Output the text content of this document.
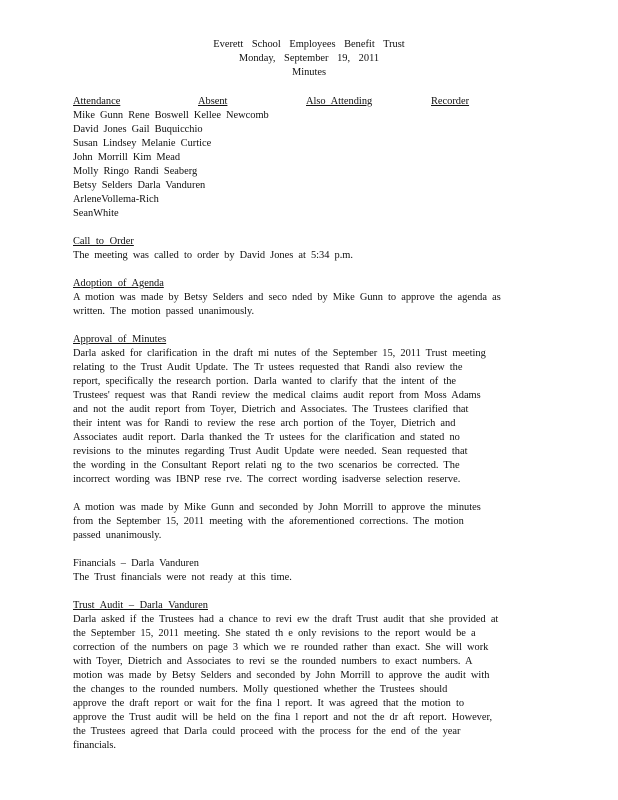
Everett School Employees Benefit Trust
Monday, September 19, 2011
Minutes
Attendance	Absent	Also Attending	Recorder
Mike Gunn Rene Boswell Kellee Newcomb
David Jones Gail Buquicchio
Susan Lindsey Melanie Curtice
John Morrill Kim Mead
Molly Ringo Randi Seaberg
Betsy Selders Darla Vanduren
ArleneVollema-Rich
SeanWhite
Call to Order
The meeting was called to order by David Jones at 5:34 p.m.
Adoption of Agenda
A motion was made by Betsy Selders and seco nded by Mike Gunn to approve the agenda as
written. The motion passed unanimously.
Approval of Minutes
Darla asked for clarification in the draft mi nutes of the September 15, 2011 Trust meeting
relating to the Trust Audit Update. The Tr ustees requested that Randi also review the
report, specifically the research portion. Darla wanted to clarify that the intent of the
Trustees' request was that Randi review the medical claims audit report from Moss Adams
and not the audit report from Toyer, Dietrich and Associates. The Trustees clarified that
their intent was for Randi to review the rese arch portion of the Toyer, Dietrich and
Associates audit report. Darla thanked the Tr ustees for the clarification and stated no
revisions to the minutes regarding Trust Audit Update were needed. Sean requested that
the wording in the Consultant Report relati ng to the two scenarios be corrected. The
incorrect wording was IBNP rese rve. The correct wording isadverse selection reserve.
A motion was made by Mike Gunn and seconded by John Morrill to approve the minutes
from the September 15, 2011 meeting with the aforementioned corrections. The motion
passed unanimously.
Financials – Darla Vanduren
The Trust financials were not ready at this time.
Trust Audit – Darla Vanduren
Darla asked if the Trustees had a chance to revi ew the draft Trust audit that she provided at
the September 15, 2011 meeting. She stated th e only revisions to the report would be a
correction of the numbers on page 3 which we re rounded rather than exact. She will work
with Toyer, Dietrich and Associates to revi se the rounded numbers to exact numbers. A
motion was made by Betsy Selders and seconded by John Morrill to approve the audit with
the changes to the rounded numbers. Molly questioned whether the Trustees should
approve the draft report or wait for the fina l report. It was agreed that the motion to
approve the Trust audit will be held on the fina l report and not the dr aft report. However,
the Trustees agreed that Darla could proceed with the process for the end of the year
financials.
